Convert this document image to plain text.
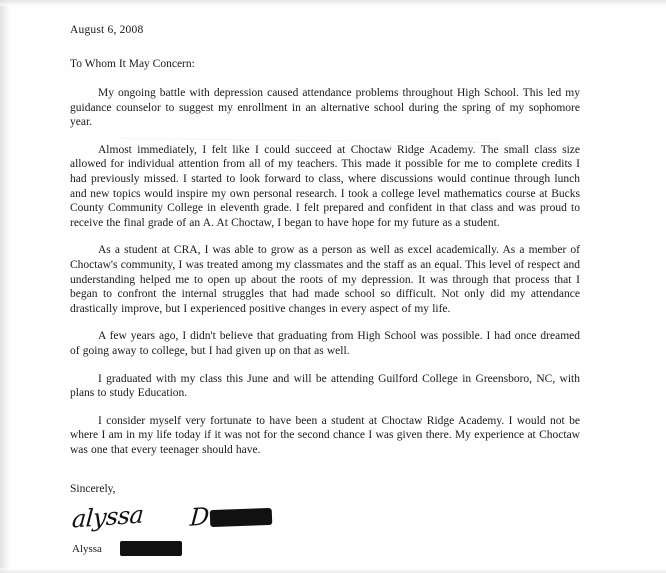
August 6, 2008
To Whom It May Concern:

My ongoing battle with depression caused attendance problems throughout High School. This led my guidance counselor to suggest my enrollment in an alternative school during the spring of my sophomore year.

Almost immediately, I felt like I could succeed at Choctaw Ridge Academy. The small class size allowed for individual attention from all of my teachers. This made it possible for me to complete credits I had previously missed. I started to look forward to class, where discussions would continue through lunch and new topics would inspire my own personal research. I took a college level mathematics course at Bucks County Community College in eleventh grade. I felt prepared and confident in that class and was proud to receive the final grade of an A. At Choctaw, I began to have hope for my future as a student.

As a student at CRA, I was able to grow as a person as well as excel academically. As a member of Choctaw's community, I was treated among my classmates and the staff as an equal. This level of respect and understanding helped me to open up about the roots of my depression. It was through that process that I began to confront the internal struggles that had made school so difficult. Not only did my attendance drastically improve, but I experienced positive changes in every aspect of my life.

A few years ago, I didn't believe that graduating from High School was possible. I had once dreamed of going away to college, but I had given up on that as well.

I graduated with my class this June and will be attending Guilford College in Greensboro, NC, with plans to study Education.

I consider myself very fortunate to have been a student at Choctaw Ridge Academy. I would not be where I am in my life today if it was not for the second chance I was given there. My experience at Choctaw was one that every teenager should have.

Sincerely,
alyssa D
Alyssa
